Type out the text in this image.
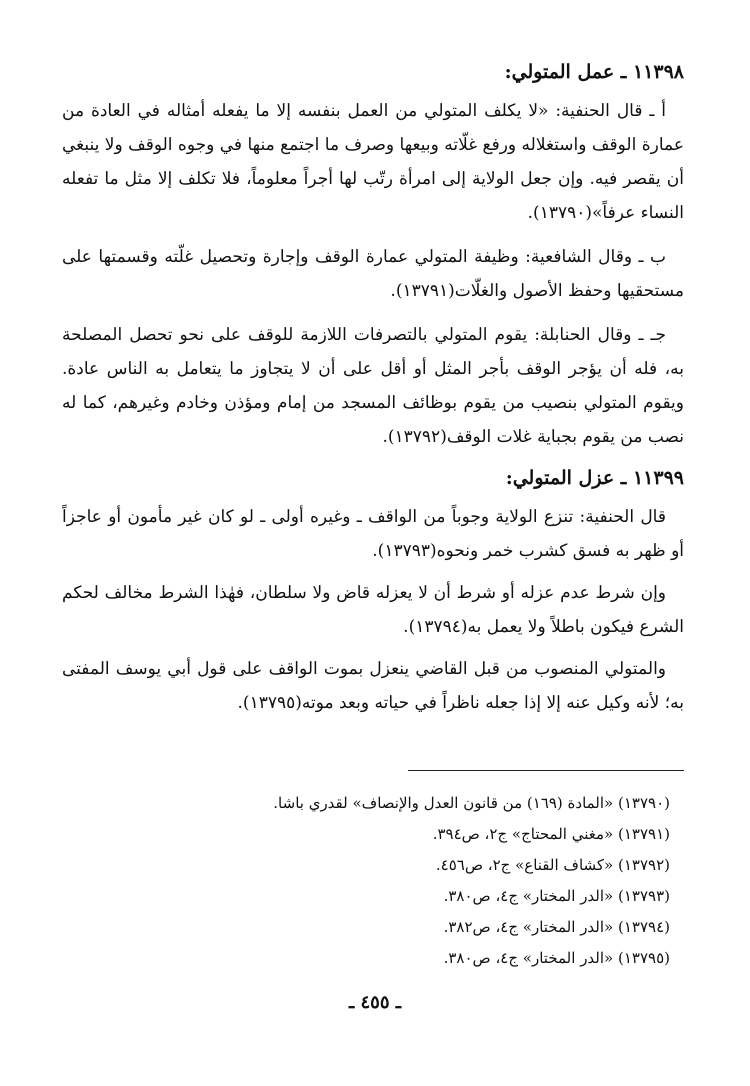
١١٣٩٨ ـ عمل المتولي:

أ ـ قال الحنفية: «لا يكلف المتولي من العمل بنفسه إلا ما يفعله أمثاله في العادة من عمارة الوقف واستغلاله ورفع غلّاته وبيعها وصرف ما اجتمع منها في وجوه الوقف ولا ينبغي أن يقصر فيه. وإن جعل الولاية إلى امرأة رتّب لها أجراً معلوماً، فلا تكلف إلا مثل ما تفعله النساء عرفاً»(١٣٧٩٠).

ب ـ وقال الشافعية: وظيفة المتولي عمارة الوقف وإجارة وتحصيل غلّته وقسمتها على مستحقيها وحفظ الأصول والغلّات(١٣٧٩١).

جـ ـ وقال الحنابلة: يقوم المتولي بالتصرفات اللازمة للوقف على نحو تحصل المصلحة به، فله أن يؤجر الوقف بأجر المثل أو أقل على أن لا يتجاوز ما يتعامل به الناس عادة. ويقوم المتولي بنصيب من يقوم بوظائف المسجد من إمام ومؤذن وخادم وغيرهم، كما له نصب من يقوم بجباية غلات الوقف(١٣٧٩٢).

١١٣٩٩ ـ عزل المتولي:

قال الحنفية: تنزع الولاية وجوباً من الواقف ـ وغيره أولى ـ لو كان غير مأمون أو عاجزاً أو ظهر به فسق كشرب خمر ونحوه(١٣٧٩٣).

وإن شرط عدم عزله أو شرط أن لا يعزله قاض ولا سلطان، فهٰذا الشرط مخالف لحكم الشرع فيكون باطلاً ولا يعمل به(١٣٧٩٤).

والمتولي المنصوب من قبل القاضي ينعزل بموت الواقف على قول أبي يوسف المفتى به؛ لأنه وكيل عنه إلا إذا جعله ناظراً في حياته وبعد موته(١٣٧٩٥).

(١٣٧٩٠) «المادة (١٦٩) من قانون العدل والإنصاف» لقدري باشا.

(١٣٧٩١) «مغني المحتاج» ج٢، ص٣٩٤.

(١٣٧٩٢) «كشاف القناع» ج٢، ص٤٥٦.

(١٣٧٩٣) «الدر المختار» ج٤، ص٣٨٠.

(١٣٧٩٤) «الدر المختار» ج٤، ص٣٨٢.

(١٣٧٩٥) «الدر المختار» ج٤، ص٣٨٠.

ـ ٤٥٥ ـ
